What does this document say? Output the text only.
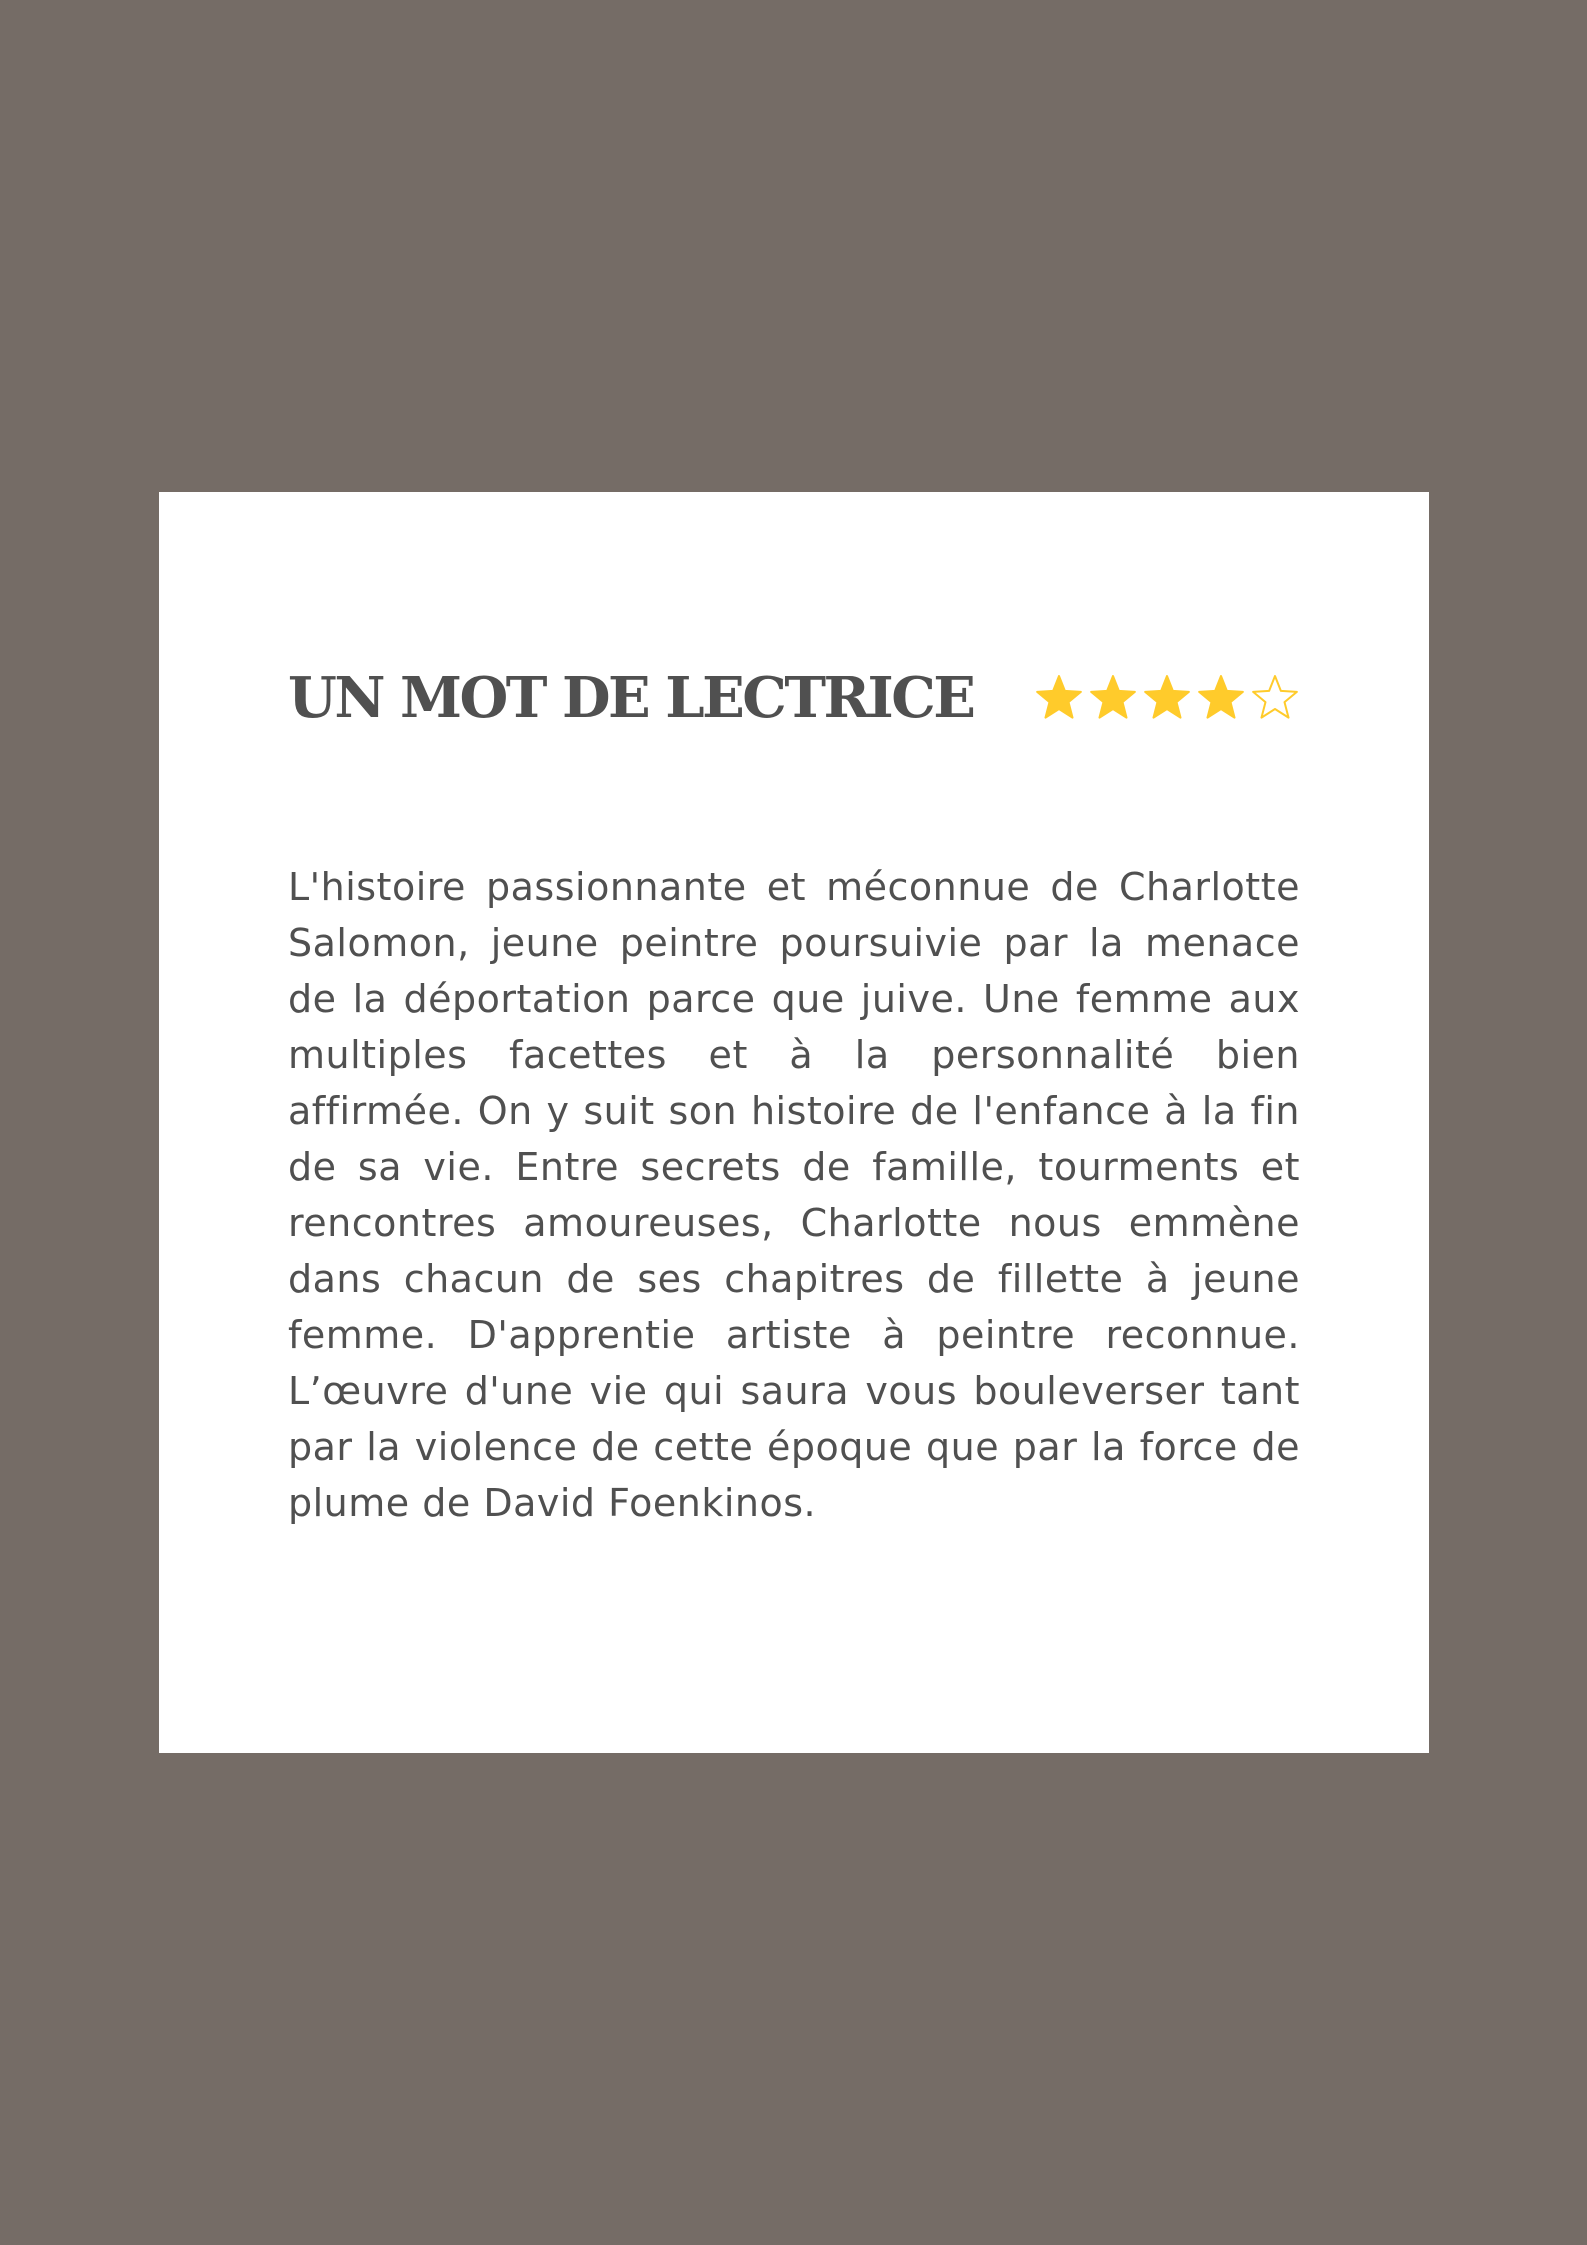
UN MOT DE LECTRICE

L'histoire passionnante et méconnue de Charlotte Salomon, jeune peintre poursuivie par la menace de la déportation parce que juive. Une femme aux multiples facettes et à la personnalité bien affirmée. On y suit son histoire de l'enfance à la fin de sa vie. Entre secrets de famille, tourments et rencontres amoureuses, Charlotte nous emmène dans chacun de ses chapitres de fillette à jeune femme. D'apprentie artiste à peintre reconnue. L’œuvre d'une vie qui saura vous bouleverser tant par la violence de cette époque que par la force de plume de David Foenkinos.
